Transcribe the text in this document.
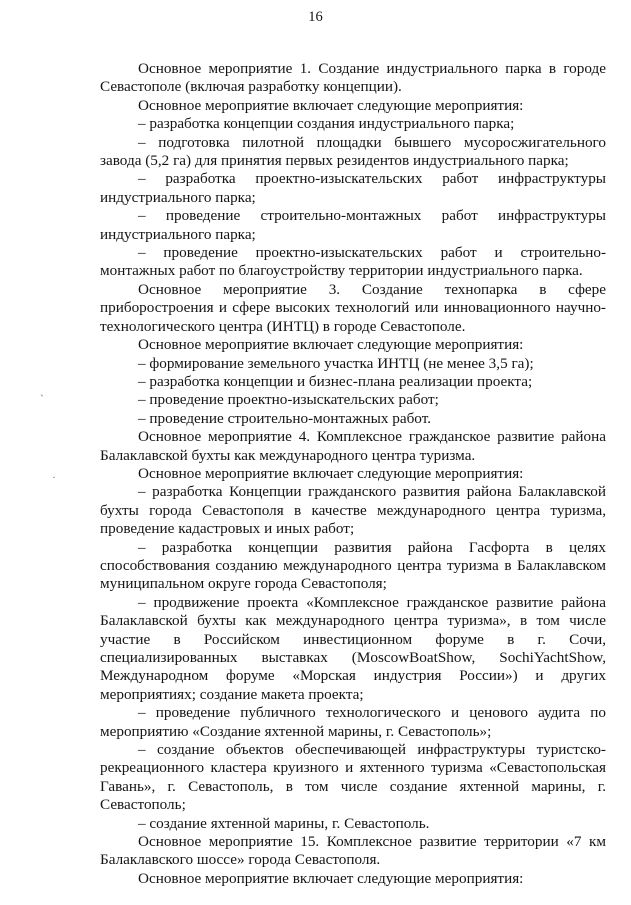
16

Основное мероприятие 1. Создание индустриального парка в городе Севастополе (включая разработку концепции).

Основное мероприятие включает следующие мероприятия:

– разработка концепции создания индустриального парка;

– подготовка пилотной площадки бывшего мусоросжигательного завода (5,2 га) для принятия первых резидентов индустриального парка;

– разработка проектно-изыскательских работ инфраструктуры индустриального парка;

– проведение строительно-монтажных работ инфраструктуры индустриального парка;

– проведение проектно-изыскательских работ и строительно-монтажных работ по благоустройству территории индустриального парка.

Основное мероприятие 3. Создание технопарка в сфере приборостроения и сфере высоких технологий или инновационного научно-технологического центра (ИНТЦ) в городе Севастополе.

Основное мероприятие включает следующие мероприятия:

– формирование земельного участка ИНТЦ (не менее 3,5 га);

– разработка концепции и бизнес-плана реализации проекта;

– проведение проектно-изыскательских работ;

– проведение строительно-монтажных работ.

Основное мероприятие 4. Комплексное гражданское развитие района Балаклавской бухты как международного центра туризма.

Основное мероприятие включает следующие мероприятия:

– разработка Концепции гражданского развития района Балаклавской бухты города Севастополя в качестве международного центра туризма, проведение кадастровых и иных работ;

– разработка концепции развития района Гасфорта в целях способствования созданию международного центра туризма в Балаклавском муниципальном округе города Севастополя;

– продвижение проекта «Комплексное гражданское развитие района Балаклавской бухты как международного центра туризма», в том числе участие в Российском инвестиционном форуме в г. Сочи, специализированных выставках (MoscowBoatShow, SochiYachtShow, Международном форуме «Морская индустрия России») и других мероприятиях; создание макета проекта;

– проведение публичного технологического и ценового аудита по мероприятию «Создание яхтенной марины, г. Севастополь»;

– создание объектов обеспечивающей инфраструктуры туристско-рекреационного кластера круизного и яхтенного туризма «Севастопольская Гавань», г. Севастополь, в том числе создание яхтенной марины, г. Севастополь;

– создание яхтенной марины, г. Севастополь.

Основное мероприятие 15. Комплексное развитие территории «7 км Балаклавского шоссе» города Севастополя.

Основное мероприятие включает следующие мероприятия:

ˋ
·
